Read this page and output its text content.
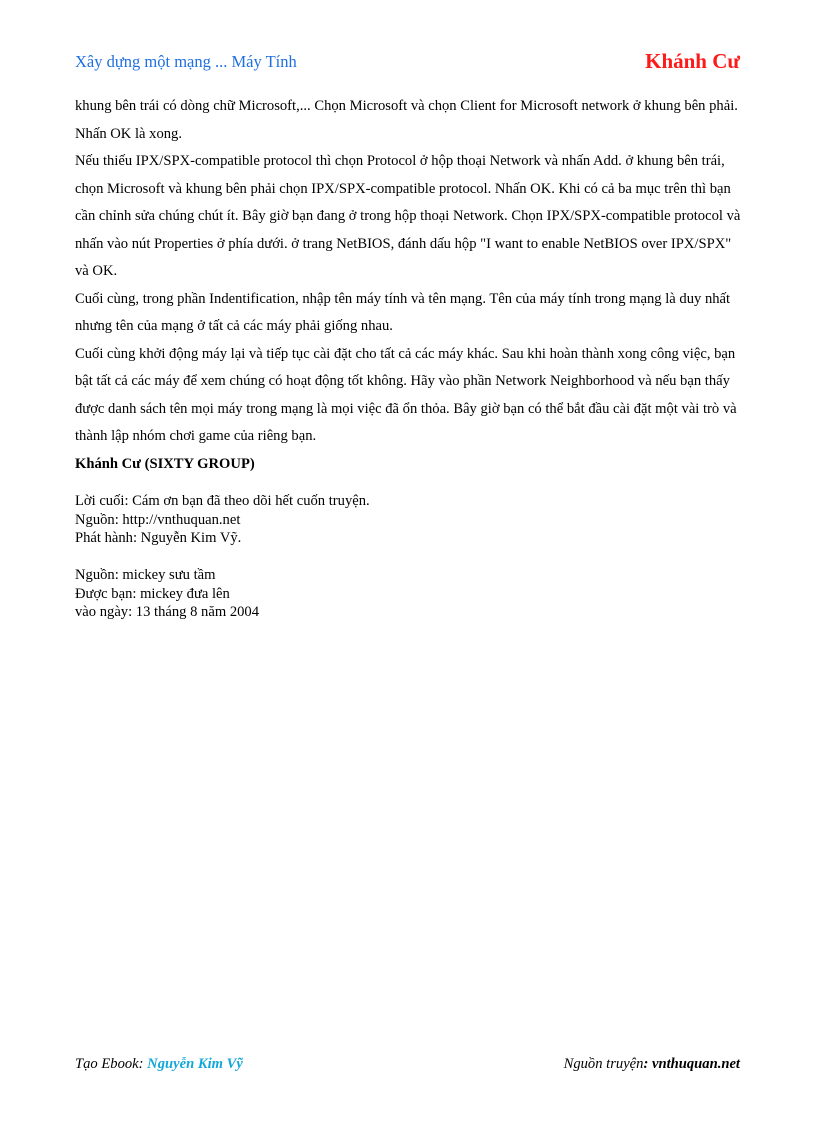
Xây dựng một mạng ... Máy Tính	Khánh Cư

khung bên trái có dòng chữ Microsoft,... Chọn Microsoft và chọn Client for Microsoft network ở khung bên phải. Nhấn OK là xong.

Nếu thiếu IPX/SPX-compatible protocol thì chọn Protocol ở hộp thoại Network và nhấn Add. ở khung bên trái, chọn Microsoft và khung bên phải chọn IPX/SPX-compatible protocol. Nhấn OK. Khi có cả ba mục trên thì bạn cần chỉnh sửa chúng chút ít. Bây giờ bạn đang ở trong hộp thoại Network. Chọn IPX/SPX-compatible protocol và nhấn vào nút Properties ở phía dưới. ở trang NetBIOS, đánh dấu hộp "I want to enable NetBIOS over IPX/SPX" và OK.

Cuối cùng, trong phần Indentification, nhập tên máy tính và tên mạng. Tên của máy tính trong mạng là duy nhất nhưng tên của mạng ở tất cả các máy phải giống nhau.

Cuối cùng khởi động máy lại và tiếp tục cài đặt cho tất cả các máy khác. Sau khi hoàn thành xong công việc, bạn bật tất cả các máy để xem chúng có hoạt động tốt không. Hãy vào phần Network Neighborhood và nếu bạn thấy được danh sách tên mọi máy trong mạng là mọi việc đã ổn thỏa. Bây giờ bạn có thể bắt đầu cài đặt một vài trò và thành lập nhóm chơi game của riêng bạn.

Khánh Cư (SIXTY GROUP)

Lời cuối: Cám ơn bạn đã theo dõi hết cuốn truyện.
Nguồn: http://vnthuquan.net
Phát hành: Nguyễn Kim Vỹ.
Nguồn: mickey sưu tầm
Được bạn: mickey đưa lên
vào ngày: 13 tháng 8 năm 2004
Tạo Ebook: Nguyễn Kim Vỹ	Nguồn truyện: vnthuquan.net
